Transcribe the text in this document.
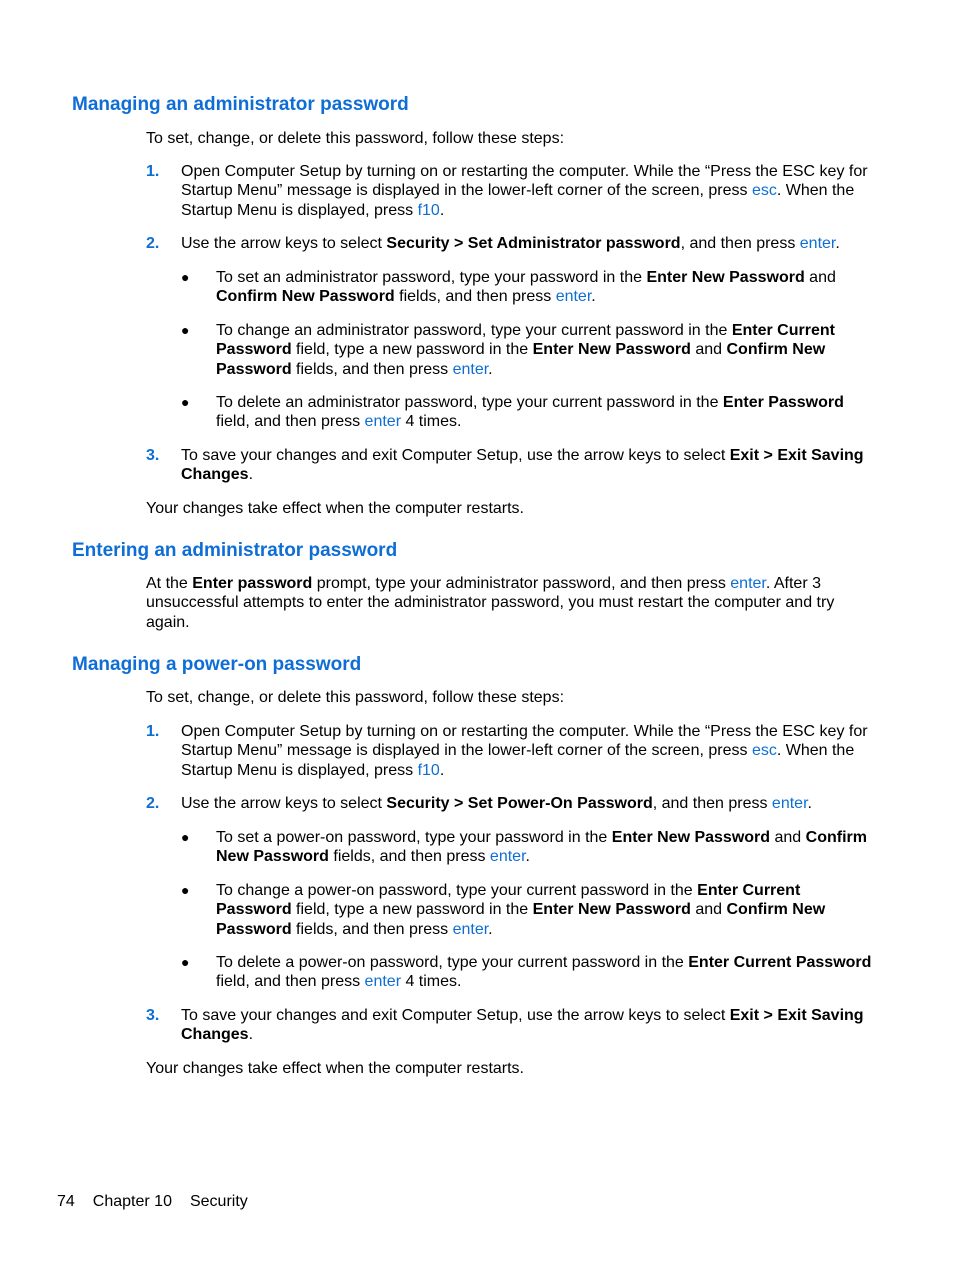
Managing an administrator password

To set, change, or delete this password, follow these steps:

1. Open Computer Setup by turning on or restarting the computer. While the “Press the ESC key for Startup Menu” message is displayed in the lower-left corner of the screen, press esc. When the Startup Menu is displayed, press f10.
2. Use the arrow keys to select Security > Set Administrator password, and then press enter.
● To set an administrator password, type your password in the Enter New Password and Confirm New Password fields, and then press enter.
● To change an administrator password, type your current password in the Enter Current Password field, type a new password in the Enter New Password and Confirm New Password fields, and then press enter.
● To delete an administrator password, type your current password in the Enter Password field, and then press enter 4 times.
3. To save your changes and exit Computer Setup, use the arrow keys to select Exit > Exit Saving Changes.

Your changes take effect when the computer restarts.

Entering an administrator password

At the Enter password prompt, type your administrator password, and then press enter. After 3 unsuccessful attempts to enter the administrator password, you must restart the computer and try again.

Managing a power-on password

To set, change, or delete this password, follow these steps:

1. Open Computer Setup by turning on or restarting the computer. While the “Press the ESC key for Startup Menu” message is displayed in the lower-left corner of the screen, press esc. When the Startup Menu is displayed, press f10.
2. Use the arrow keys to select Security > Set Power-On Password, and then press enter.
● To set a power-on password, type your password in the Enter New Password and Confirm New Password fields, and then press enter.
● To change a power-on password, type your current password in the Enter Current Password field, type a new password in the Enter New Password and Confirm New Password fields, and then press enter.
● To delete a power-on password, type your current password in the Enter Current Password field, and then press enter 4 times.
3. To save your changes and exit Computer Setup, use the arrow keys to select Exit > Exit Saving Changes.

Your changes take effect when the computer restarts.

74 Chapter 10 Security
